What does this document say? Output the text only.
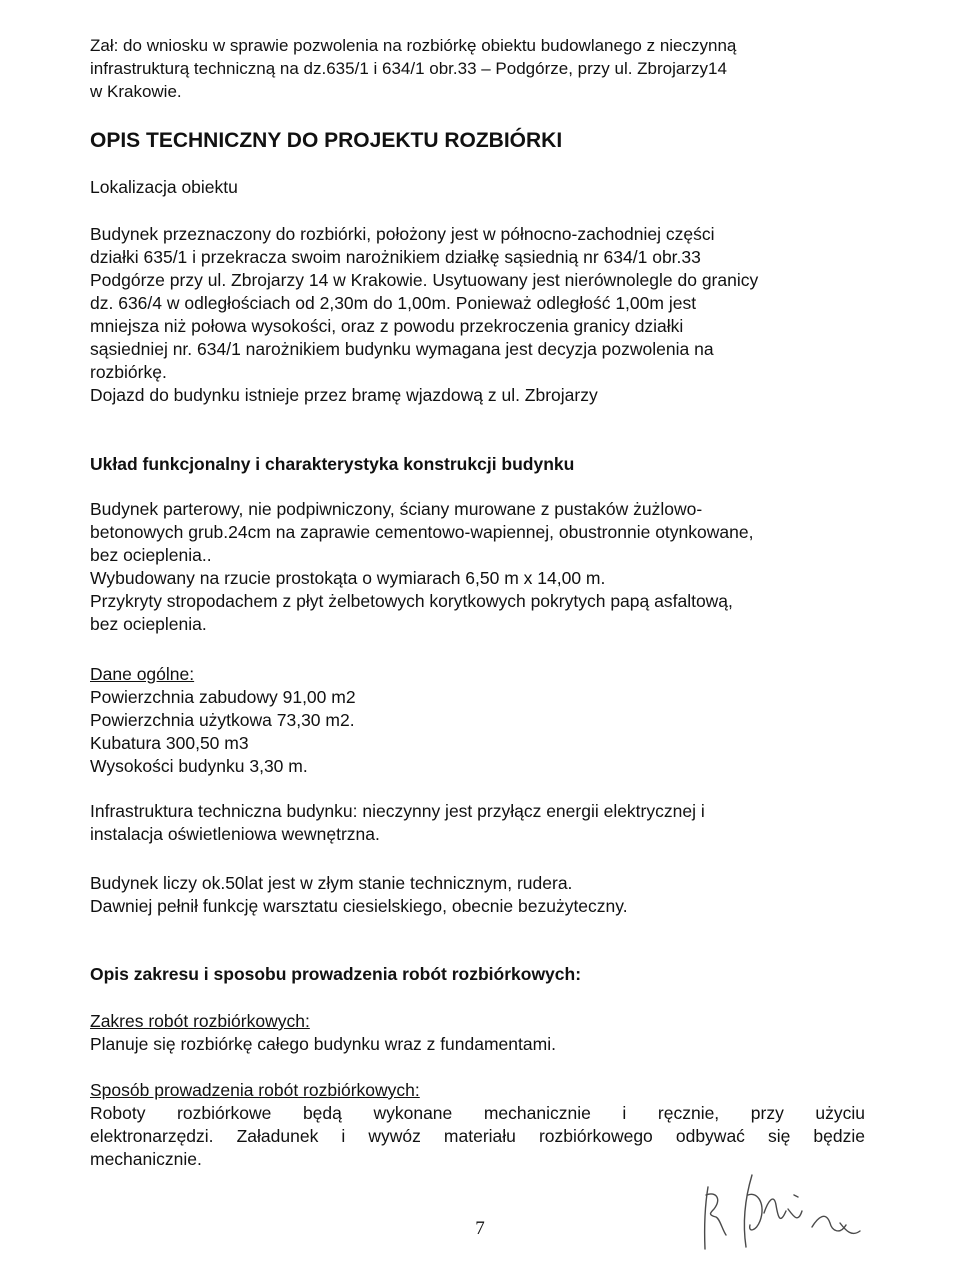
Zał: do wniosku w sprawie pozwolenia na rozbiórkę obiektu budowlanego z nieczynną
infrastrukturą techniczną na dz.635/1 i 634/1 obr.33 – Podgórze, przy ul. Zbrojarzy14
w Krakowie.
OPIS TECHNICZNY DO PROJEKTU ROZBIÓRKI
Lokalizacja obiektu
Budynek przeznaczony do rozbiórki, położony jest w północno-zachodniej części
działki 635/1 i przekracza swoim narożnikiem działkę sąsiednią nr 634/1 obr.33
Podgórze przy ul. Zbrojarzy 14 w Krakowie. Usytuowany jest nierównolegle do granicy
dz. 636/4 w odległościach od 2,30m do 1,00m. Ponieważ odległość 1,00m jest
mniejsza niż połowa wysokości, oraz z powodu przekroczenia granicy działki
sąsiedniej nr. 634/1 narożnikiem budynku wymagana jest decyzja pozwolenia na
rozbiórkę.
Dojazd do budynku istnieje przez bramę wjazdową z ul. Zbrojarzy
Układ funkcjonalny i charakterystyka konstrukcji budynku
Budynek parterowy, nie podpiwniczony, ściany murowane z pustaków żużlowo-
betonowych grub.24cm na zaprawie cementowo-wapiennej, obustronnie otynkowane,
bez ocieplenia..
Wybudowany na rzucie prostokąta o wymiarach 6,50 m x 14,00 m.
Przykryty stropodachem z płyt żelbetowych korytkowych pokrytych papą asfaltową,
bez ocieplenia.
Dane ogólne:
Powierzchnia zabudowy 91,00 m2
Powierzchnia użytkowa 73,30 m2.
Kubatura 300,50 m3
Wysokości budynku 3,30 m.
Infrastruktura techniczna budynku: nieczynny jest przyłącz energii elektrycznej i
instalacja oświetleniowa wewnętrzna.
Budynek liczy ok.50lat jest w złym stanie technicznym, rudera.
Dawniej pełnił funkcję warsztatu ciesielskiego, obecnie bezużyteczny.
Opis zakresu i sposobu prowadzenia robót rozbiórkowych:
Zakres robót rozbiórkowych:
Planuje się rozbiórkę całego budynku wraz z fundamentami.
Sposób prowadzenia robót rozbiórkowych:
Roboty rozbiórkowe będą wykonane mechanicznie i ręcznie, przy użyciu
elektronarzędzi. Załadunek i wywóz materiału rozbiórkowego odbywać się będzie
mechanicznie.
7
